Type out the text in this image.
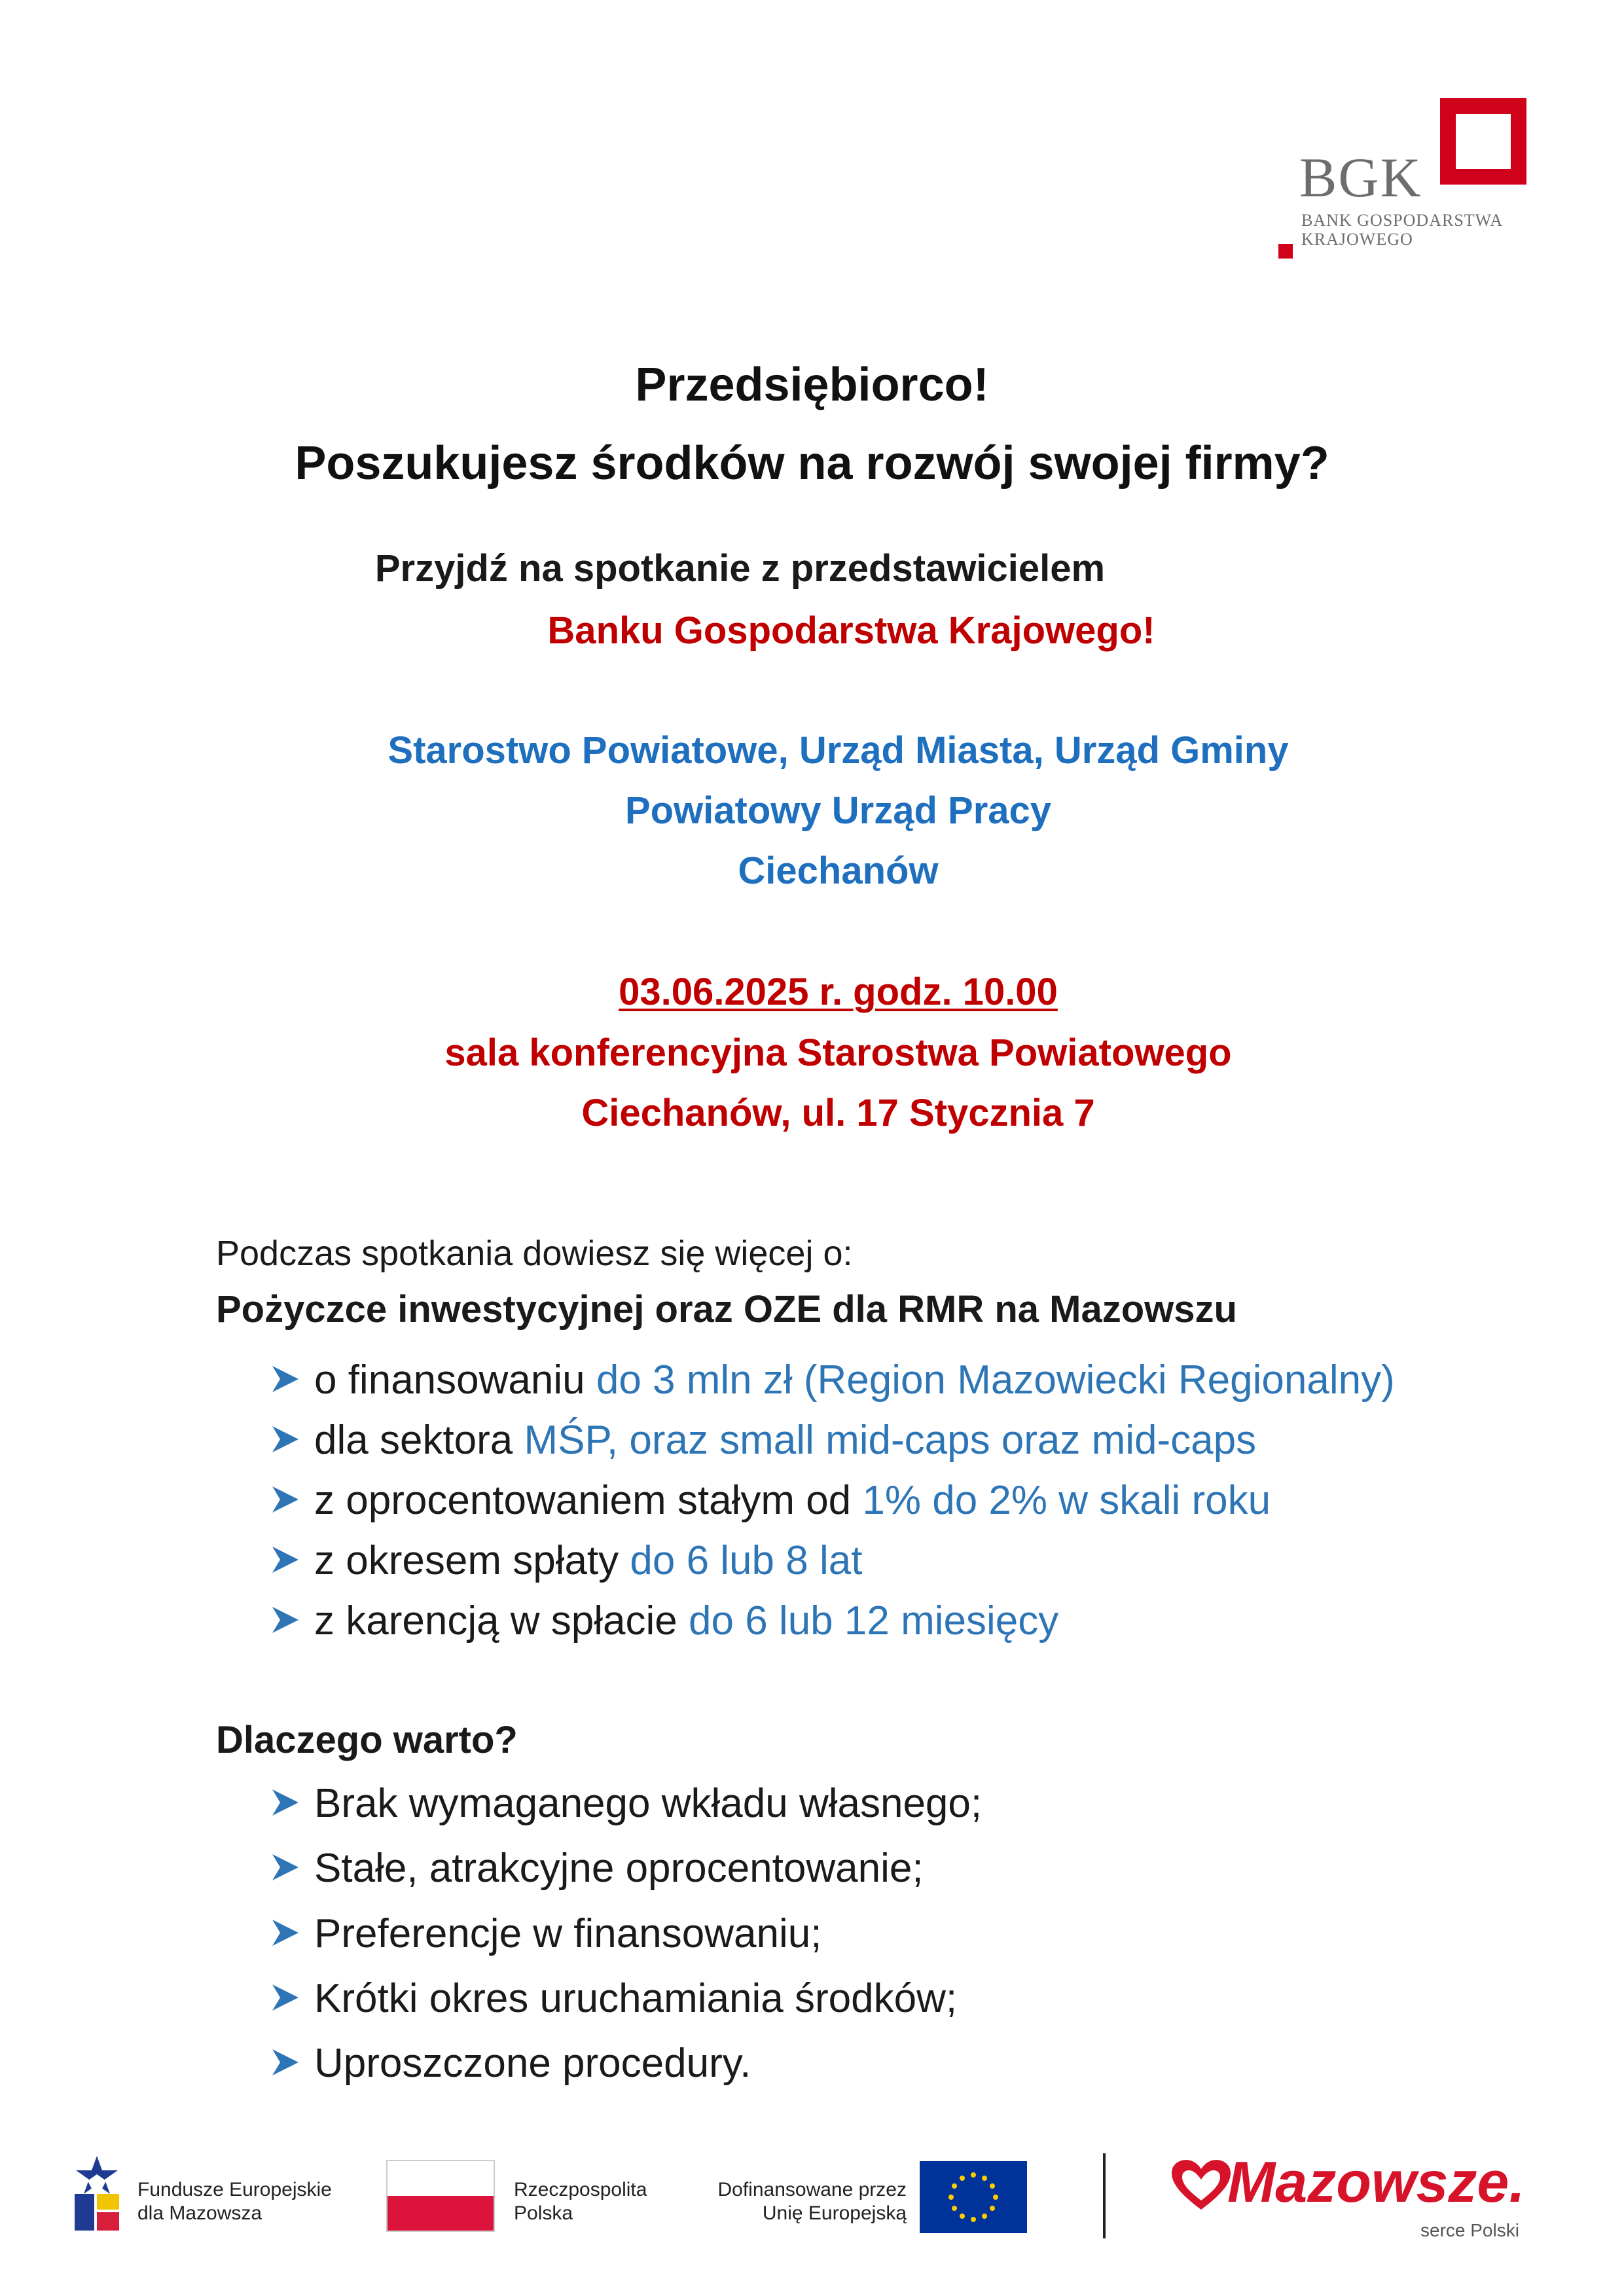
BGK
BANK GOSPODARSTWA
KRAJOWEGO
Przedsiębiorco!
Poszukujesz środków na rozwój swojej firmy?
Przyjdź na spotkanie z przedstawicielem
Banku Gospodarstwa Krajowego!
Starostwo Powiatowe, Urząd Miasta, Urząd Gminy
Powiatowy Urząd Pracy
Ciechanów
03.06.2025 r. godz. 10.00
sala konferencyjna Starostwa Powiatowego
Ciechanów, ul. 17 Stycznia 7
Podczas spotkania dowiesz się więcej o:
Pożyczce inwestycyjnej oraz OZE dla RMR na Mazowszu
o finansowaniu do 3 mln zł (Region Mazowiecki Regionalny)
dla sektora MŚP, oraz small mid-caps oraz mid-caps
z oprocentowaniem stałym od 1% do 2% w skali roku
z okresem spłaty do 6 lub 8 lat
z karencją w spłacie do 6 lub 12 miesięcy
Dlaczego warto?
Brak wymaganego wkładu własnego;
Stałe, atrakcyjne oprocentowanie;
Preferencje w finansowaniu;
Krótki okres uruchamiania środków;
Uproszczone procedury.
Fundusze Europejskie
dla Mazowsza
Rzeczpospolita
Polska
Dofinansowane przez
Unię Europejską	Mazowsze.
serce Polski
